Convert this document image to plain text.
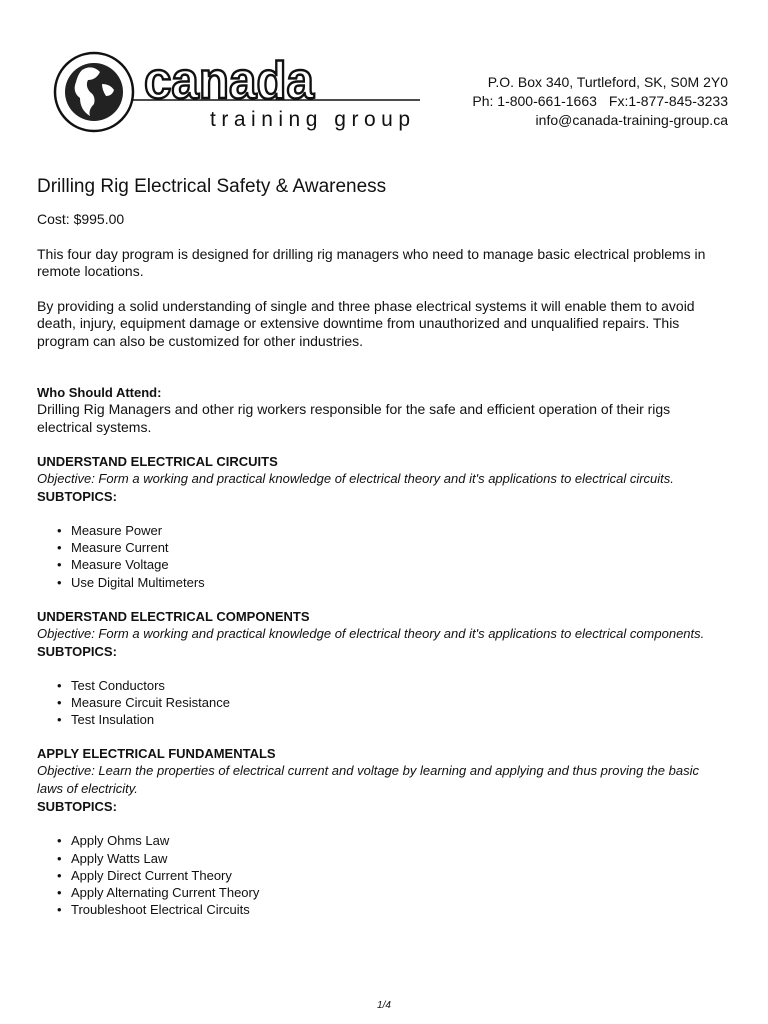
canada
training group
P.O. Box 340, Turtleford, SK, S0M 2Y0
Ph: 1-800-661-1663 Fx:1-877-845-3233
info@canada-training-group.ca
Drilling Rig Electrical Safety & Awareness

Cost: $995.00

This four day program is designed for drilling rig managers who need to manage basic electrical problems in remote locations.

By providing a solid understanding of single and three phase electrical systems it will enable them to avoid death, injury, equipment damage or extensive downtime from unauthorized and unqualified repairs. This program can also be customized for other industries.

Who Should Attend:

Drilling Rig Managers and other rig workers responsible for the safe and efficient operation of their rigs electrical systems.

UNDERSTAND ELECTRICAL CIRCUITS
Objective: Form a working and practical knowledge of electrical theory and it's applications to electrical circuits.
SUBTOPICS:
• Measure Power
• Measure Current
• Measure Voltage
• Use Digital Multimeters
UNDERSTAND ELECTRICAL COMPONENTS
Objective: Form a working and practical knowledge of electrical theory and it's applications to electrical components.
SUBTOPICS:
• Test Conductors
• Measure Circuit Resistance
• Test Insulation
APPLY ELECTRICAL FUNDAMENTALS
Objective: Learn the properties of electrical current and voltage by learning and applying and thus proving the basic laws of electricity.
SUBTOPICS:
• Apply Ohms Law
• Apply Watts Law
• Apply Direct Current Theory
• Apply Alternating Current Theory
• Troubleshoot Electrical Circuits
1/4
